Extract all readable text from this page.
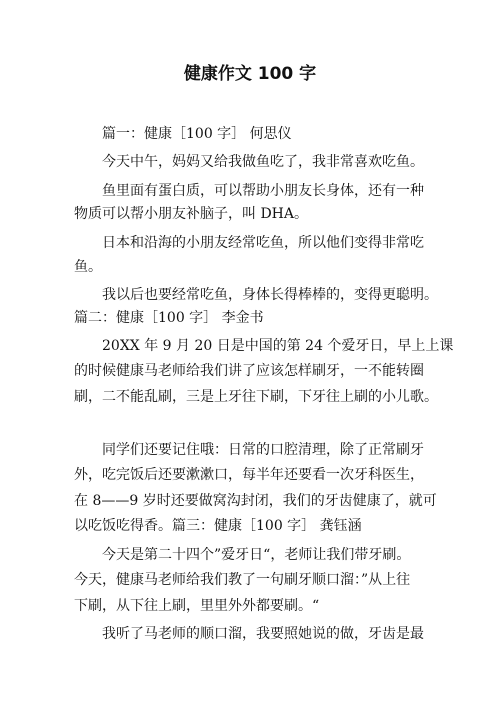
健康作文 100 字
篇一：健康［100 字］ 何思仪
今天中午，妈妈又给我做鱼吃了，我非常喜欢吃鱼。
鱼里面有蛋白质，可以帮助小朋友长身体，还有一种
物质可以帮小朋友补脑子，叫 DHA。
日本和沿海的小朋友经常吃鱼，所以他们变得非常吃
鱼。
我以后也要经常吃鱼，身体长得棒棒的，变得更聪明。
篇二：健康［100 字］ 李金书
20XX 年 9 月 20 日是中国的第 24 个爱牙日，早上上课
的时候健康马老师给我们讲了应该怎样刷牙，一不能转圈
刷，二不能乱刷，三是上牙往下刷，下牙往上刷的小儿歌。
同学们还要记住哦：日常的口腔清理，除了正常刷牙
外，吃完饭后还要漱漱口，每半年还要看一次牙科医生，
在 8——9 岁时还要做窝沟封闭，我们的牙齿健康了，就可
以吃饭吃得香。篇三：健康［100 字］ 龚钰涵
今天是第二十四个”爱牙日“，老师让我们带牙刷。
今天，健康马老师给我们教了一句刷牙顺口溜：”从上往
下刷，从下往上刷，里里外外都要刷。“
我听了马老师的顺口溜，我要照她说的做，牙齿是最
